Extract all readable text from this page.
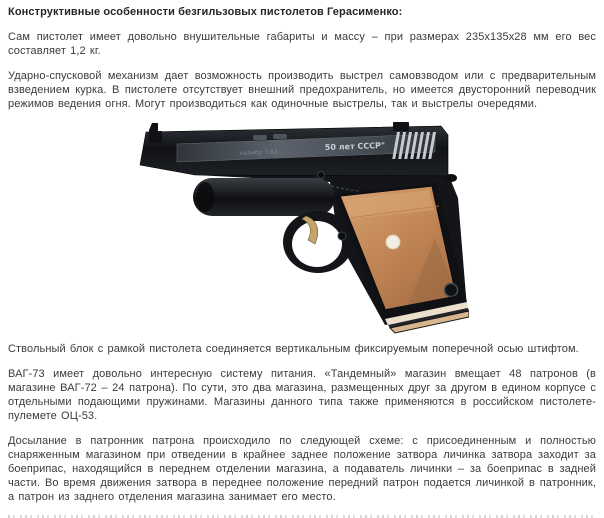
Конструктивные особенности безгильзовых пистолетов Герасименко:

Сам пистолет имеет довольно внушительные габариты и массу – при размерах 235х135х28 мм его вес составляет 1,2 кг.

Ударно-спусковой механизм дает возможность производить выстрел самовзводом или с предварительным взведением курка. В пистолете отсутствует внешний предохранитель, но имеется двусторонний переводчик режимов ведения огня. Могут производиться как одиночные выстрелы, так и выстрелы очередями.

калибр 7,62
50 лет СССР"

Ствольный блок с рамкой пистолета соединяется вертикальным фиксируемым поперечной осью штифтом.

ВАГ-73 имеет довольно интересную систему питания. «Тандемный» магазин вмещает 48 патронов (в магазине ВАГ-72 – 24 патрона). По сути, это два магазина, размещенных друг за другом в едином корпусе с отдельными подающими пружинами. Магазины данного типа также применяются в российском пистолете-пулемете ОЦ-53.

Досылание в патронник патрона происходило по следующей схеме: с присоединенным и полностью снаряженным магазином при отведении в крайнее заднее положение затвора личинка затвора заходит за боеприпас, находящийся в переднем отделении магазина, а подаватель личинки – за боеприпас в задней части. Во время движения затвора в переднее положение передний патрон подается личинкой в патронник, а патрон из заднего отделения магазина занимает его место.
